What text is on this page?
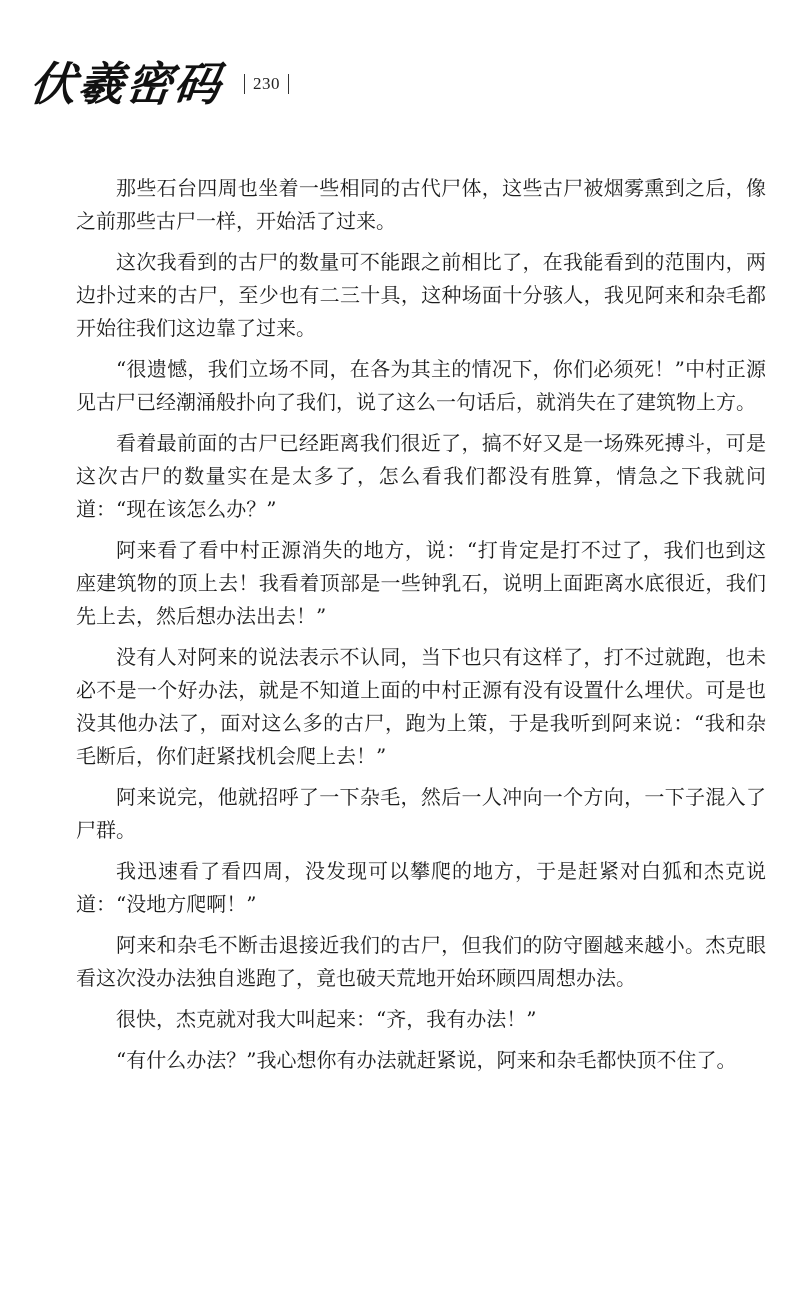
伏羲密码	230

那些石台四周也坐着一些相同的古代尸体，这些古尸被烟雾熏到之后，像之前那些古尸一样，开始活了过来。

这次我看到的古尸的数量可不能跟之前相比了，在我能看到的范围内，两边扑过来的古尸，至少也有二三十具，这种场面十分骇人，我见阿来和杂毛都开始往我们这边靠了过来。

“很遗憾，我们立场不同，在各为其主的情况下，你们必须死！”中村正源见古尸已经潮涌般扑向了我们，说了这么一句话后，就消失在了建筑物上方。

看着最前面的古尸已经距离我们很近了，搞不好又是一场殊死搏斗，可是这次古尸的数量实在是太多了，怎么看我们都没有胜算，情急之下我就问道：“现在该怎么办？”

阿来看了看中村正源消失的地方，说：“打肯定是打不过了，我们也到这座建筑物的顶上去！我看着顶部是一些钟乳石，说明上面距离水底很近，我们先上去，然后想办法出去！”

没有人对阿来的说法表示不认同，当下也只有这样了，打不过就跑，也未必不是一个好办法，就是不知道上面的中村正源有没有设置什么埋伏。可是也没其他办法了，面对这么多的古尸，跑为上策，于是我听到阿来说：“我和杂毛断后，你们赶紧找机会爬上去！”

阿来说完，他就招呼了一下杂毛，然后一人冲向一个方向，一下子混入了尸群。

我迅速看了看四周，没发现可以攀爬的地方，于是赶紧对白狐和杰克说道：“没地方爬啊！”

阿来和杂毛不断击退接近我们的古尸，但我们的防守圈越来越小。杰克眼看这次没办法独自逃跑了，竟也破天荒地开始环顾四周想办法。

很快，杰克就对我大叫起来：“齐，我有办法！”

“有什么办法？”我心想你有办法就赶紧说，阿来和杂毛都快顶不住了。
